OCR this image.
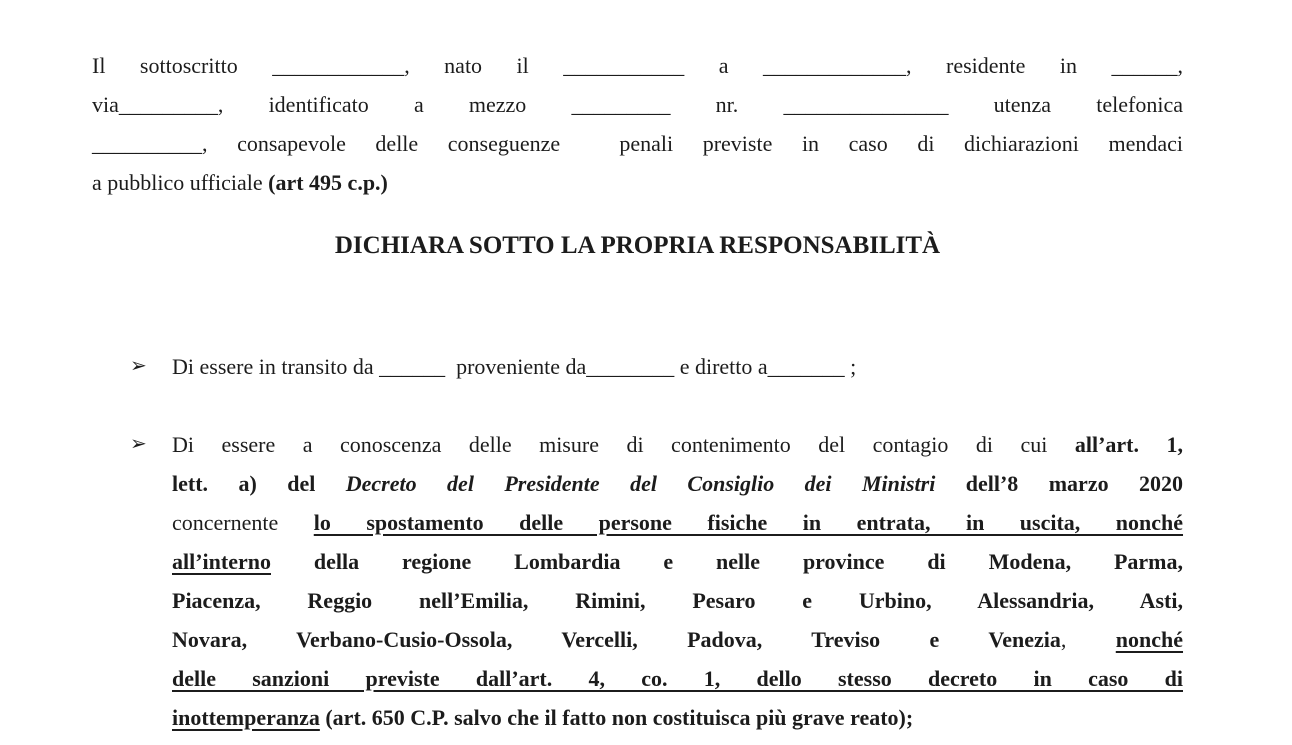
Il sottoscritto ____________, nato il ___________ a _____________, residente in ______,
via_________, identificato a mezzo _________ nr. _______________ utenza telefonica
__________, consapevole delle conseguenze  penali previste in caso di dichiarazioni mendaci
a pubblico ufficiale (art 495 c.p.)
DICHIARA SOTTO LA PROPRIA RESPONSABILITÀ
➢	Di essere in transito da ______  proveniente da________ e diretto a_______ ;
➢	Di essere a conoscenza delle misure di contenimento del contagio di cui all’art. 1,
lett. a) del Decreto del Presidente del Consiglio dei Ministri dell’8 marzo 2020
concernente lo spostamento delle persone fisiche in entrata, in uscita, nonché
all’interno della regione Lombardia e nelle province di Modena, Parma,
Piacenza, Reggio nell’Emilia, Rimini, Pesaro e Urbino, Alessandria, Asti,
Novara, Verbano-Cusio-Ossola, Vercelli, Padova, Treviso e Venezia, nonché
delle sanzioni previste dall’art. 4, co. 1, dello stesso decreto in caso di
inottemperanza (art. 650 C.P. salvo che il fatto non costituisca più grave reato);
